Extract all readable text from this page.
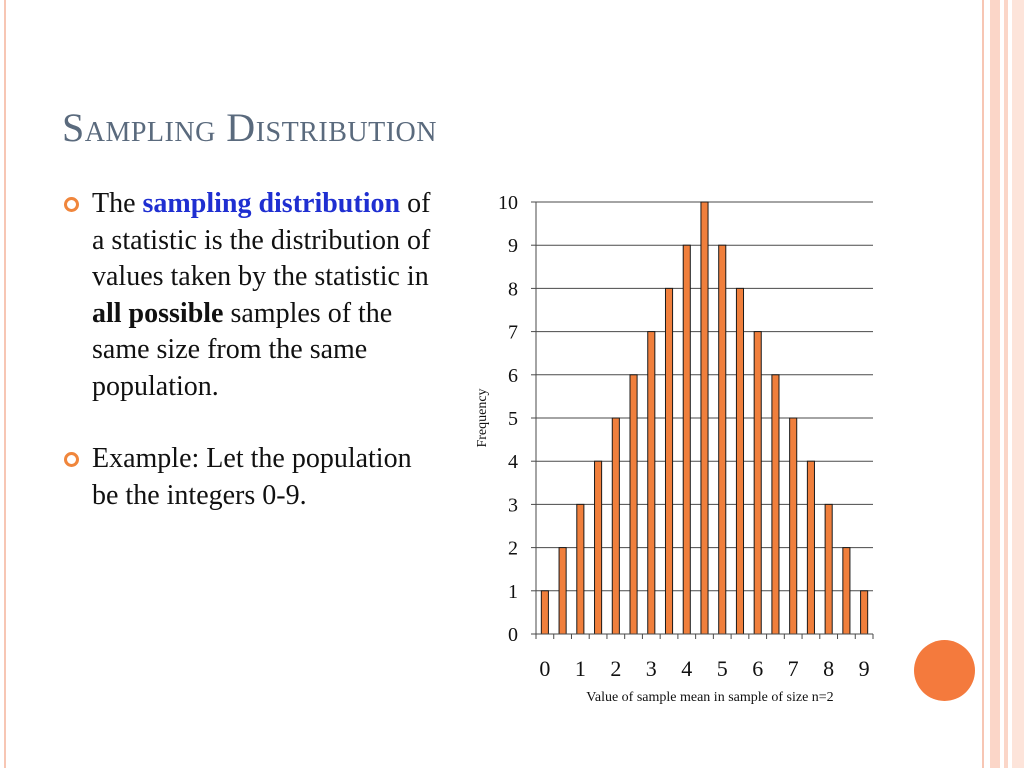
Sampling Distribution
The sampling distribution of a statistic is the distribution of values taken by the statistic in all possible samples of the same size from the same population.
Example: Let the population be the integers 0-9.
0
1
2
3
4
5
6
7
8
9
10
0 1 2 3 4 5 6 7 8 9
Frequency
Value of sample mean in sample of size n=2
